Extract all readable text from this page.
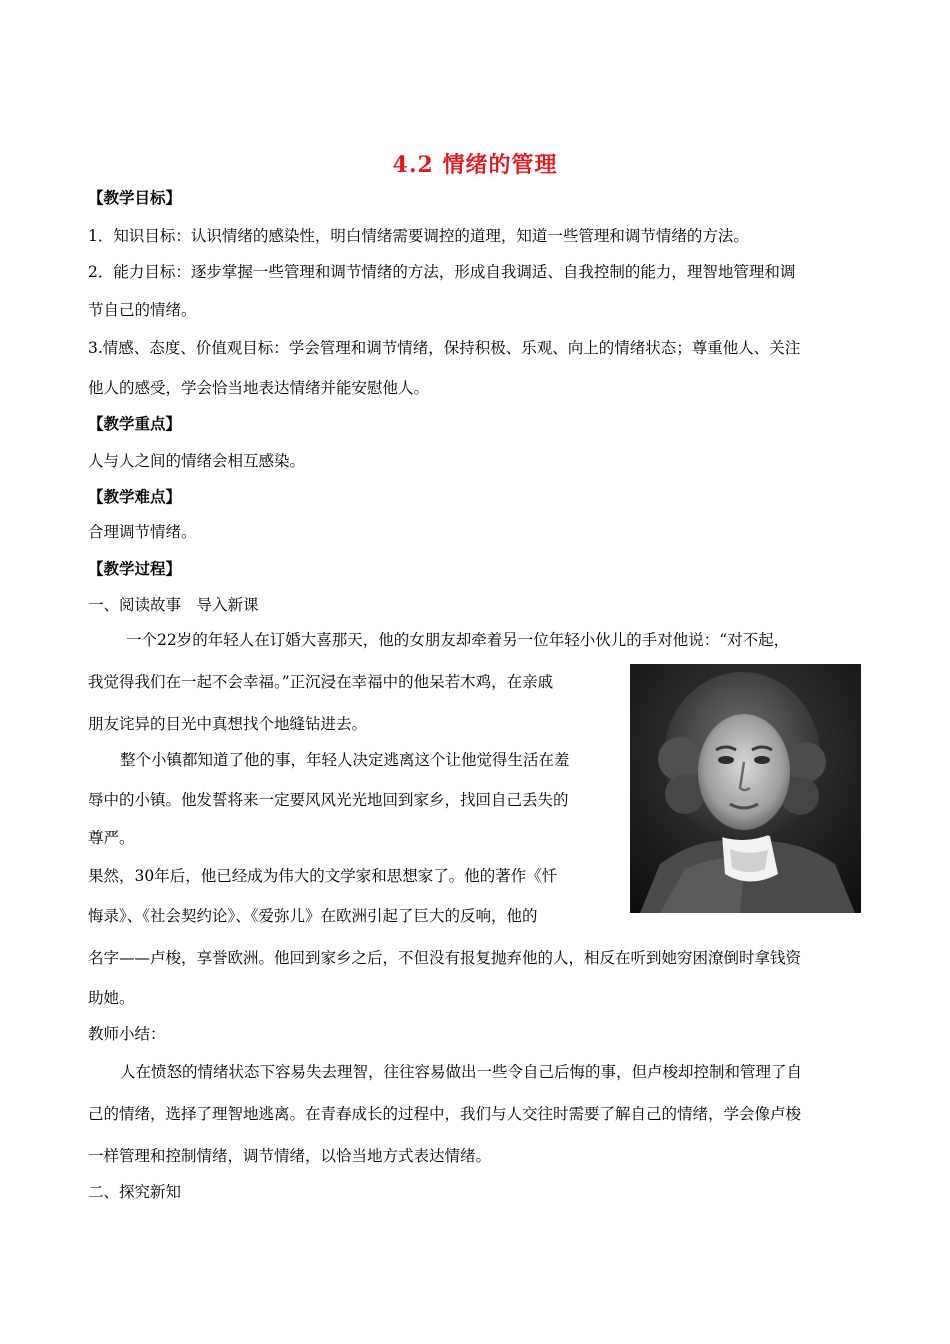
4.2 情绪的管理
【教学目标】
1．知识目标：认识情绪的感染性，明白情绪需要调控的道理，知道一些管理和调节情绪的方法。
2．能力目标：逐步掌握一些管理和调节情绪的方法，形成自我调适、自我控制的能力，理智地管理和调
节自己的情绪。
3.情感、态度、价值观目标：学会管理和调节情绪，保持积极、乐观、向上的情绪状态；尊重他人、关注
他人的感受，学会恰当地表达情绪并能安慰他人。
【教学重点】
人与人之间的情绪会相互感染。
【教学难点】
合理调节情绪。
【教学过程】
一、阅读故事　导入新课
一个22岁的年轻人在订婚大喜那天，他的女朋友却牵着另一位年轻小伙儿的手对他说：“对不起，
我觉得我们在一起不会幸福。”正沉浸在幸福中的他呆若木鸡，在亲戚
朋友诧异的目光中真想找个地缝钻进去。
整个小镇都知道了他的事，年轻人决定逃离这个让他觉得生活在羞
辱中的小镇。他发誓将来一定要风风光光地回到家乡，找回自己丢失的
尊严。
果然，30年后，他已经成为伟大的文学家和思想家了。他的著作《忏
悔录》、《社会契约论》、《爱弥儿》在欧洲引起了巨大的反响，他的
名字——卢梭，享誉欧洲。他回到家乡之后，不但没有报复抛弃他的人，相反在听到她穷困潦倒时拿钱资
助她。
教师小结：
人在愤怒的情绪状态下容易失去理智，往往容易做出一些令自己后悔的事，但卢梭却控制和管理了自
己的情绪，选择了理智地逃离。在青春成长的过程中，我们与人交往时需要了解自己的情绪，学会像卢梭
一样管理和控制情绪，调节情绪，以恰当地方式表达情绪。
二、探究新知
